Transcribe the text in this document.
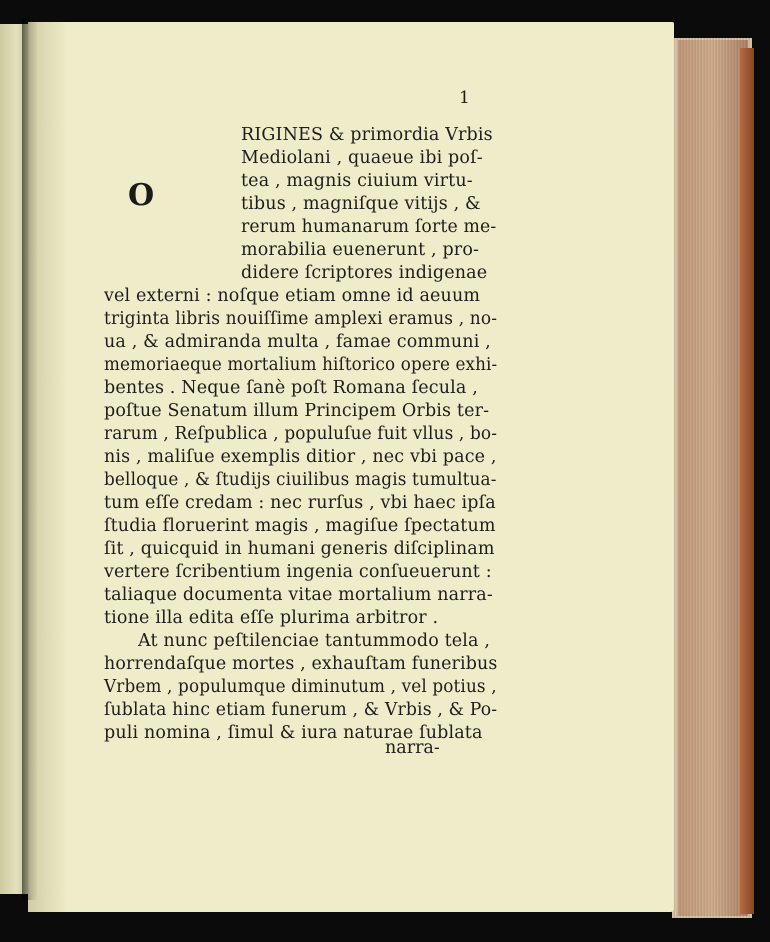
1
O
RIGINES & primordia Vrbis
Mediolani , quaeue ibi poſ-
tea , magnis ciuium virtu-
tibus , magniſque vitijs , &
rerum humanarum ſorte me-
morabilia euenerunt , pro-
didere ſcriptores indigenae
vel externi : noſque etiam omne id aeuum
triginta libris nouiſſime amplexi eramus , no-
ua , & admiranda multa , famae communi ,
memoriaeque mortalium hiſtorico opere exhi-
bentes . Neque ſanè poſt Romana ſecula ,
poſtue Senatum illum Principem Orbis ter-
rarum , Reſpublica , populuſue fuit vllus , bo-
nis , maliſue exemplis ditior , nec vbi pace ,
belloque , & ſtudijs ciuilibus magis tumultua-
tum eſſe credam : nec rurſus , vbi haec ipſa
ſtudia floruerint magis , magiſue ſpectatum
ſit , quicquid in humani generis diſciplinam
vertere ſcribentium ingenia conſueuerunt :
taliaque documenta vitae mortalium narra-
tione illa edita eſſe plurima arbitror .
At nunc peſtilenciae tantummodo tela ,
horrendaſque mortes , exhauſtam funeribus
Vrbem , populumque diminutum , vel potius ,
ſublata hinc etiam funerum , & Vrbis , & Po-
puli nomina , ſimul & iura naturae ſublata
narra-
